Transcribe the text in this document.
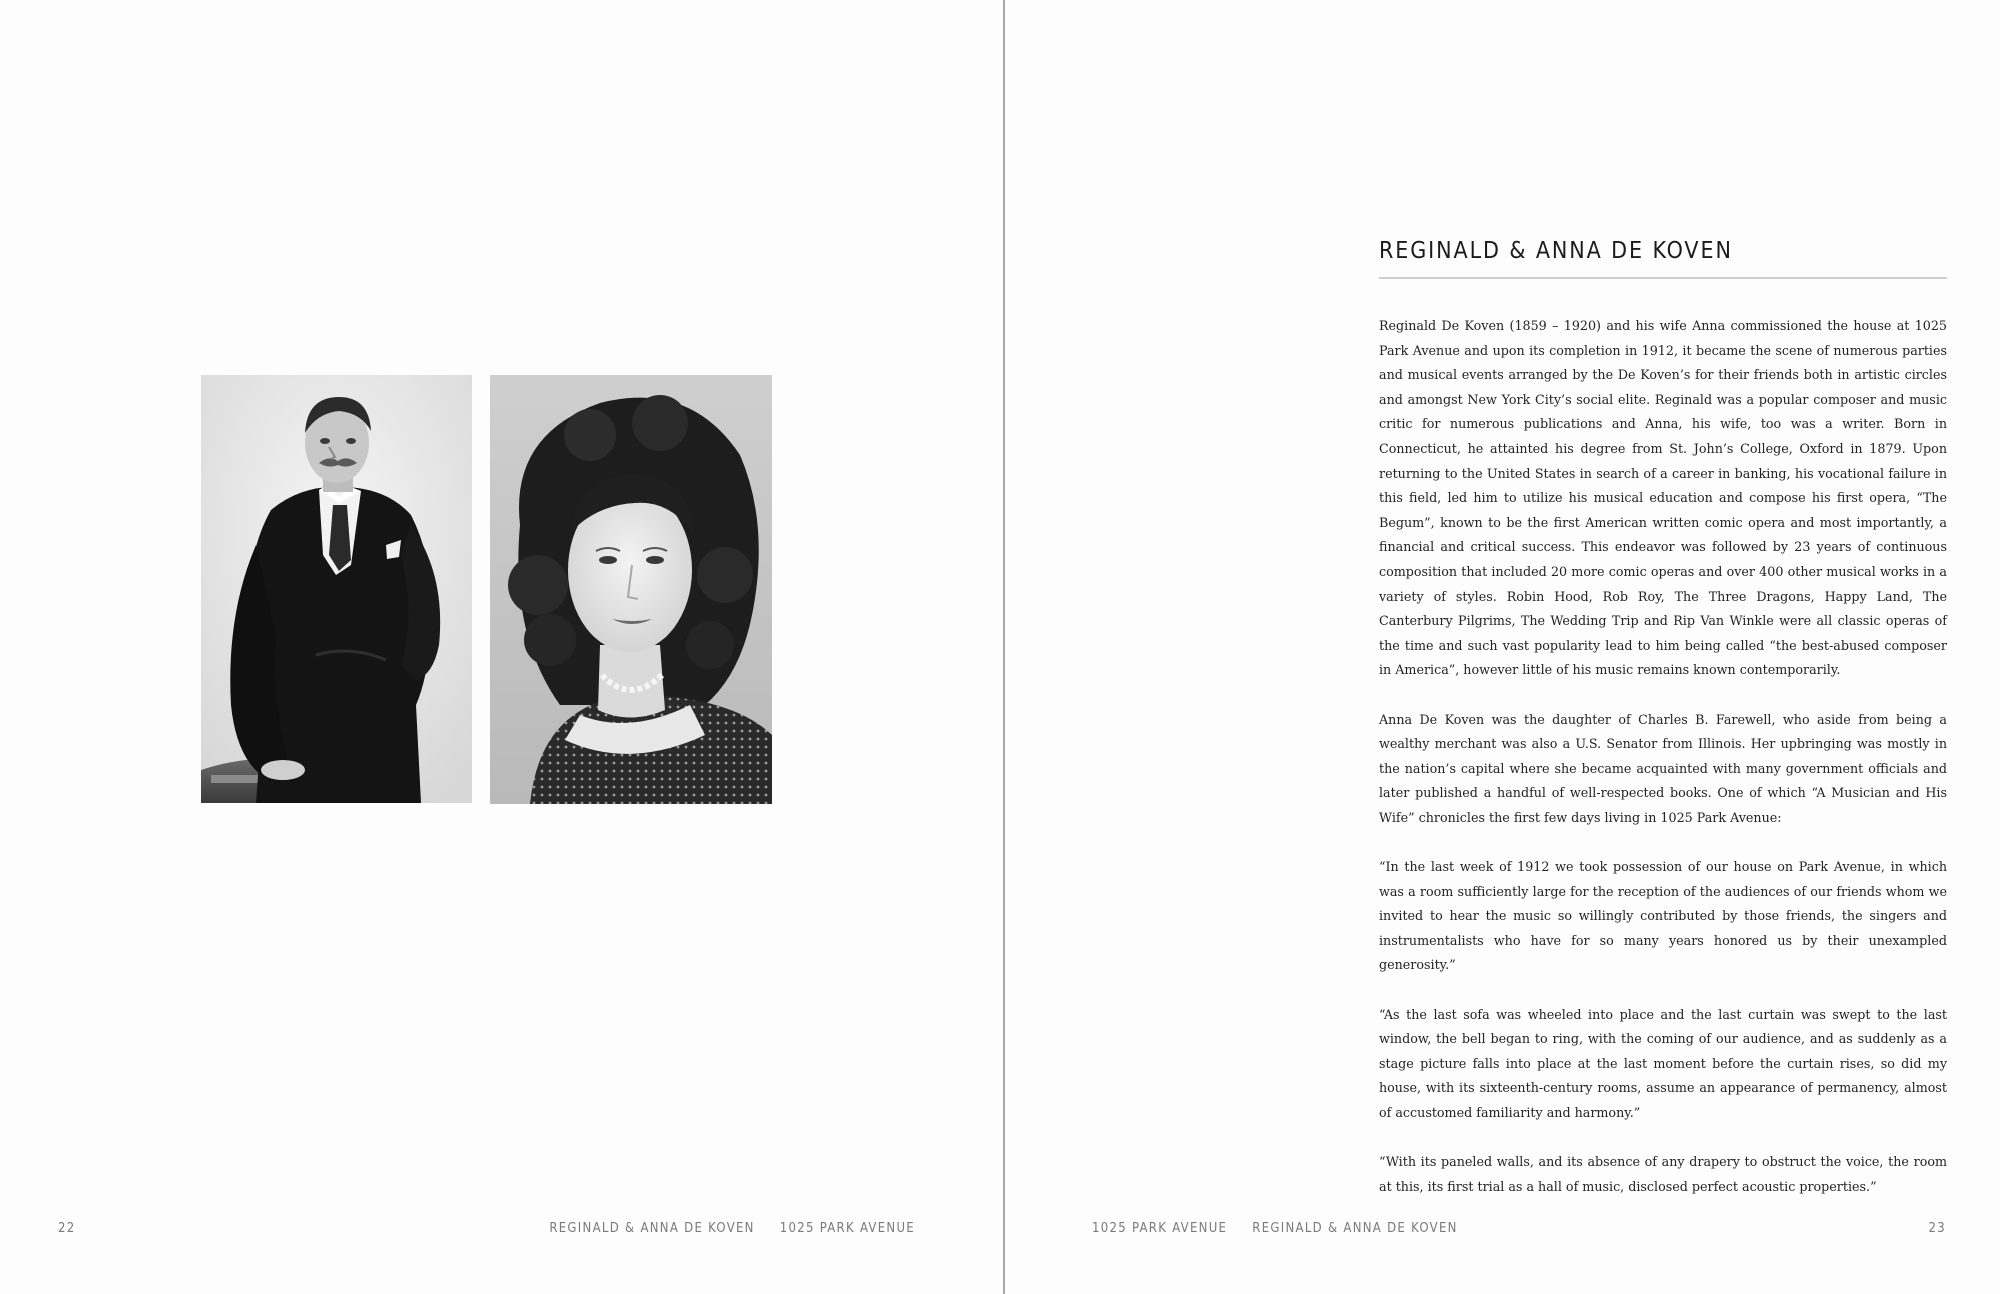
22	REGINALD & ANNA DE KOVEN 1025 PARK AVENUE
REGINALD & ANNA DE KOVEN

Reginald De Koven (1859 – 1920) and his wife Anna commissioned the house at 1025 Park Avenue and upon its completion in 1912, it became the scene of numerous parties and musical events arranged by the De Koven’s for their friends both in artistic circles and amongst New York City’s social elite. Reginald was a popular composer and music critic for numerous publications and Anna, his wife, too was a writer. Born in Connecticut, he attainted his degree from St. John’s College, Oxford in 1879. Upon returning to the United States in search of a career in banking, his vocational failure in this field, led him to utilize his musical education and compose his first opera, “The Begum”, known to be the first American written comic opera and most importantly, a financial and critical success. This endeavor was followed by 23 years of continuous composition that included 20 more comic operas and over 400 other musical works in a variety of styles. Robin Hood, Rob Roy, The Three Dragons, Happy Land, The Canterbury Pilgrims, The Wedding Trip and Rip Van Winkle were all classic operas of the time and such vast popularity lead to him being called “the best-abused composer in America”, however little of his music remains known contemporarily.

Anna De Koven was the daughter of Charles B. Farewell, who aside from being a wealthy merchant was also a U.S. Senator from Illinois. Her upbringing was mostly in the nation’s capital where she became acquainted with many government officials and later published a handful of well-respected books. One of which “A Musician and His Wife” chronicles the first few days living in 1025 Park Avenue:

“In the last week of 1912 we took possession of our house on Park Avenue, in which was a room sufficiently large for the reception of the audiences of our friends whom we invited to hear the music so willingly contributed by those friends, the singers and instrumentalists who have for so many years honored us by their unexampled generosity.”

“As the last sofa was wheeled into place and the last curtain was swept to the last window, the bell began to ring, with the coming of our audience, and as suddenly as a stage picture falls into place at the last moment before the curtain rises, so did my house, with its sixteenth-century rooms, assume an appearance of permanency, almost of accustomed familiarity and harmony.”

“With its paneled walls, and its absence of any drapery to obstruct the voice, the room at this, its first trial as a hall of music, disclosed perfect acoustic properties.”

1025 PARK AVENUE REGINALD & ANNA DE KOVEN	23
